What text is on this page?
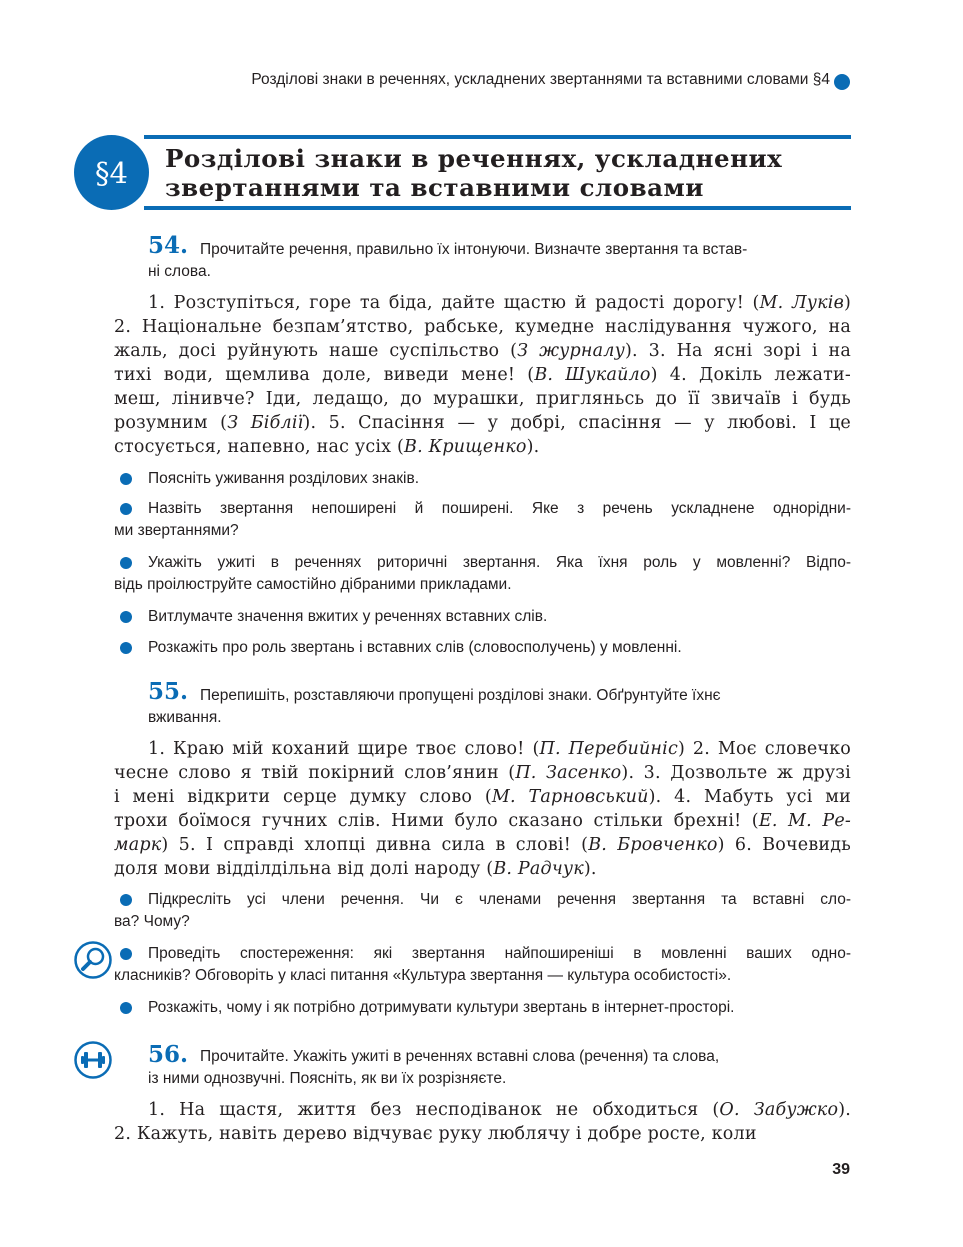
Розділові знаки в реченнях, ускладнених звертаннями та вставними словами §4
§4	Розділові знаки в реченнях, ускладнених
звертаннями та вставними словами
54. Прочитайте речення, правильно їх інтонуючи. Визначте звертання та встав-
ні слова.
1. Розступіться, горе та біда, дайте щастю й радості дорогу! (М. Луків)
2. Національне безпам’ятство, рабське, кумедне наслідування чужого, на
жаль, досі руйнують наше суспільство (З журналу). 3. На ясні зорі і на
тихі води, щемлива доле, виведи мене! (В. Шукайло) 4. Докіль лежати-
меш, лінивче? Іди, ледащо, до мурашки, пригляньсь до її звичаїв і будь
розумним (З Біблії). 5. Спасіння — у добрі, спасіння — у любові. І це
стосується, напевно, нас усіх (В. Крищенко).
Поясніть уживання розділових знаків.
Назвіть звертання непоширені й поширені. Яке з речень ускладнене однорідни-
ми звертаннями?
Укажіть ужиті в реченнях риторичні звертання. Яка їхня роль у мовленні? Відпо-
відь проілюструйте самостійно дібраними прикладами.
Витлумачте значення вжитих у реченнях вставних слів.
Розкажіть про роль звертань і вставних слів (словосполучень) у мовленні.
55. Перепишіть, розставляючи пропущені розділові знаки. Обґрунтуйте їхнє
вживання.
1. Краю мій коханий щире твоє слово! (П. Перебийніс) 2. Моє словечко
чесне слово я твій покірний слов’янин (П. Засенко). 3. Дозвольте ж друзі
і мені відкрити серце думку слово (М. Тарновський). 4. Мабуть усі ми
трохи боїмося гучних слів. Ними було сказано стільки брехні! (Е. М. Ре-
марк) 5. І справді хлопці дивна сила в слові! (В. Бровченко) 6. Вочевидь
доля мови відділдільна від долі народу (В. Радчук).
Підкресліть усі члени речення. Чи є членами речення звертання та вставні сло-
ва? Чому?
Проведіть спостереження: які звертання найпоширеніші в мовленні ваших одно-
класників? Обговоріть у класі питання «Культура звертання — культура особистості».
Розкажіть, чому і як потрібно дотримувати культури звертань в інтернет-просторі.
56. Прочитайте. Укажіть ужиті в реченнях вставні слова (речення) та слова,
із ними однозвучні. Поясніть, як ви їх розрізняєте.
1. На щастя, життя без несподіванок не обходиться (О. Забужко).
2. Кажуть, навіть дерево відчуває руку люблячу і добре росте, коли
39
